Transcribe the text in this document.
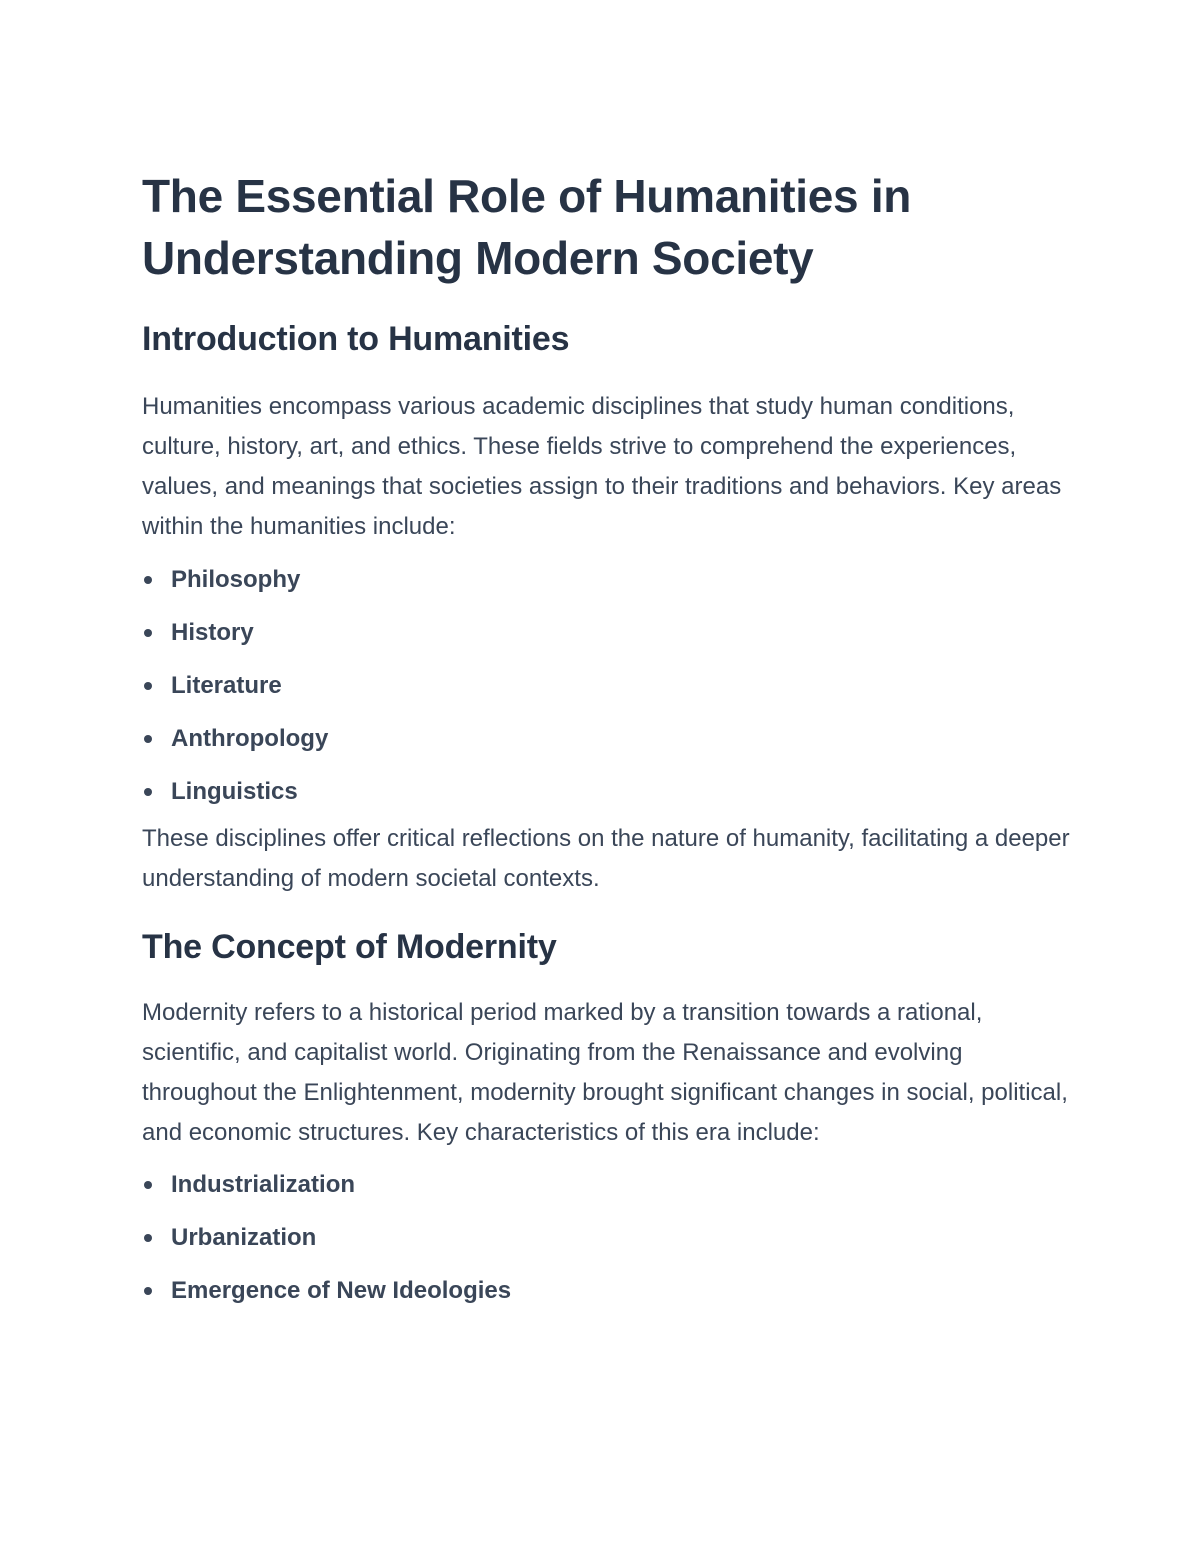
The Essential Role of Humanities in Understanding Modern Society
Introduction to Humanities

Humanities encompass various academic disciplines that study human conditions, culture, history, art, and ethics. These fields strive to comprehend the experiences, values, and meanings that societies assign to their traditions and behaviors. Key areas within the humanities include:

Philosophy
History
Literature
Anthropology
Linguistics

These disciplines offer critical reflections on the nature of humanity, facilitating a deeper understanding of modern societal contexts.

The Concept of Modernity

Modernity refers to a historical period marked by a transition towards a rational, scientific, and capitalist world. Originating from the Renaissance and evolving throughout the Enlightenment, modernity brought significant changes in social, political, and economic structures. Key characteristics of this era include:

Industrialization
Urbanization
Emergence of New Ideologies
